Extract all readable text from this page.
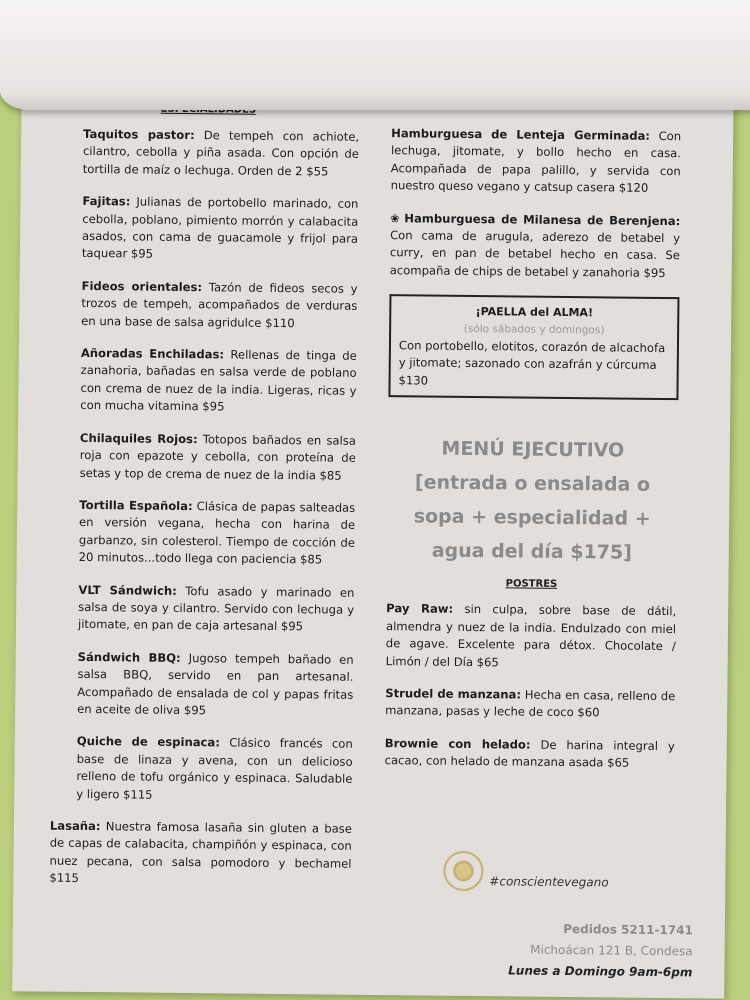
Taquitos pastor: De tempeh con achiote, cilantro, cebolla y piña asada. Con opción de tortilla de maíz o lechuga. Orden de 2 $55
Fajitas: Julianas de portobello marinado, con cebolla, poblano, pimiento morrón y calabacita asados, con cama de guacamole y frijol para taquear $95
Fideos orientales: Tazón de fideos secos y trozos de tempeh, acompañados de verduras en una base de salsa agridulce $110
Añoradas Enchiladas: Rellenas de tinga de zanahoria, bañadas en salsa verde de poblano con crema de nuez de la india. Ligeras, ricas y con mucha vitamina $95
Chilaquiles Rojos: Totopos bañados en salsa roja con epazote y cebolla, con proteína de setas y top de crema de nuez de la india $85
Tortilla Española: Clásica de papas salteadas en versión vegana, hecha con harina de garbanzo, sin colesterol. Tiempo de cocción de 20 minutos...todo llega con paciencia $85
VLT Sándwich: Tofu asado y marinado en salsa de soya y cilantro. Servido con lechuga y jitomate, en pan de caja artesanal $95
Sándwich BBQ: Jugoso tempeh bañado en salsa BBQ, servido en pan artesanal. Acompañado de ensalada de col y papas fritas en aceite de oliva $95
Quiche de espinaca: Clásico francés con base de linaza y avena, con un delicioso relleno de tofu orgánico y espinaca. Saludable y ligero $115
Lasaña: Nuestra famosa lasaña sin gluten a base de capas de calabacita, champiñón y espinaca, con nuez pecana, con salsa pomodoro y bechamel $115
Hamburguesa de Lenteja Germinada: Con lechuga, jitomate, y bollo hecho en casa. Acompañada de papa palillo, y servida con nuestro queso vegano y catsup casera $120
❀ Hamburguesa de Milanesa de Berenjena: Con cama de arugula, aderezo de betabel y curry, en pan de betabel hecho en casa. Se acompaña de chips de betabel y zanahoria $95
¡PAELLA del ALMA!
(sólo sábados y domingos)
Con portobello, elotitos, corazón de alcachofa y jitomate; sazonado con azafrán y cúrcuma $130
MENÚ EJECUTIVO
[entrada o ensalada o
sopa + especialidad +
agua del día $175]
POSTRES
Pay Raw: sin culpa, sobre base de dátil, almendra y nuez de la india. Endulzado con miel de agave. Excelente para détox. Chocolate / Limón / del Día $65
Strudel de manzana: Hecha en casa, relleno de manzana, pasas y leche de coco $60
Brownie con helado: De harina integral y cacao, con helado de manzana asada $65
#conscientevegano
Pedidos 5211-1741
Michoácan 121 B, Condesa
Lunes a Domingo 9am-6pm
